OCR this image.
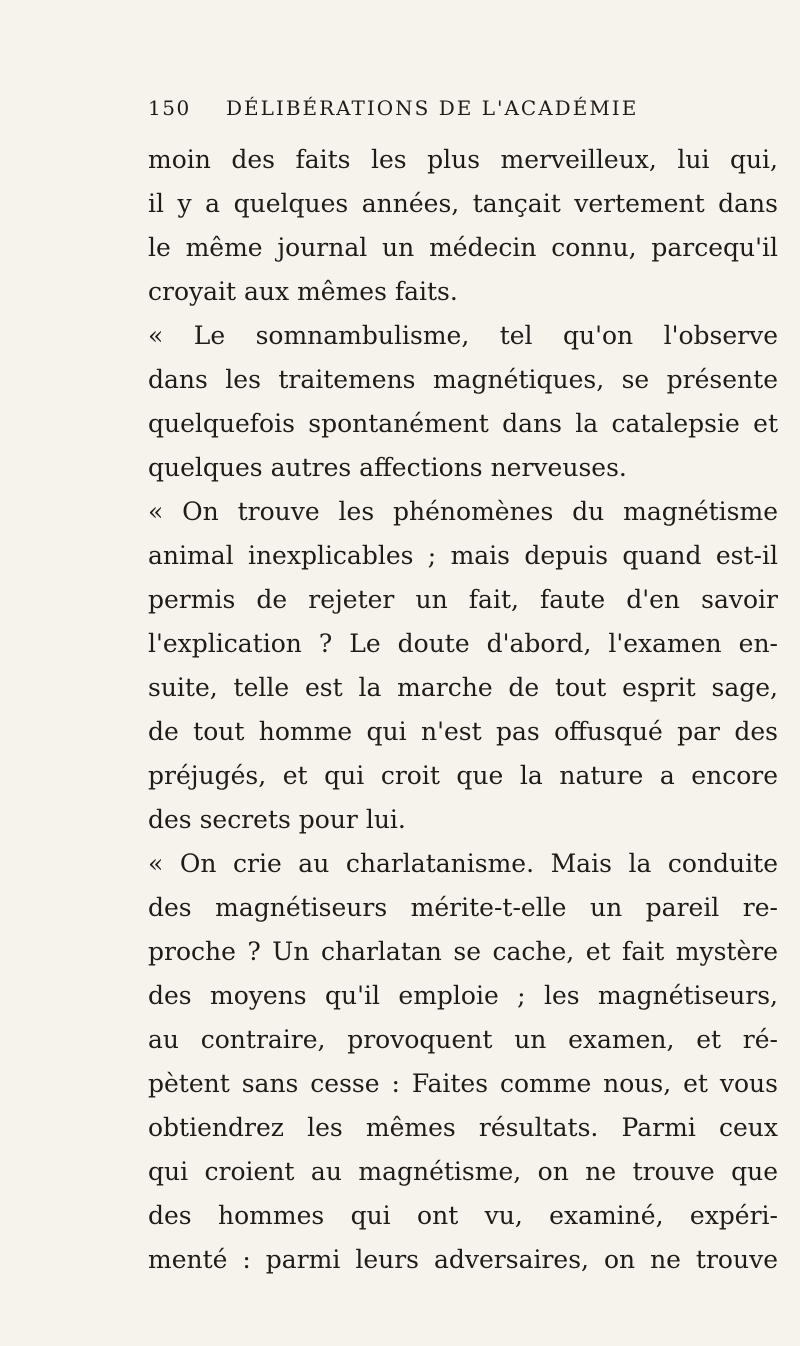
150 DÉLIBÉRATIONS DE L'ACADÉMIE
moin des faits les plus merveilleux, lui qui,
il y a quelques années, tançait vertement dans
le même journal un médecin connu, parcequ'il
croyait aux mêmes faits.
« Le somnambulisme, tel qu'on l'observe
dans les traitemens magnétiques, se présente
quelquefois spontanément dans la catalepsie et
quelques autres affections nerveuses.
« On trouve les phénomènes du magnétisme
animal inexplicables ; mais depuis quand est-il
permis de rejeter un fait, faute d'en savoir
l'explication ? Le doute d'abord, l'examen en-
suite, telle est la marche de tout esprit sage,
de tout homme qui n'est pas offusqué par des
préjugés, et qui croit que la nature a encore
des secrets pour lui.
« On crie au charlatanisme. Mais la conduite
des magnétiseurs mérite-t-elle un pareil re-
proche ? Un charlatan se cache, et fait mystère
des moyens qu'il emploie ; les magnétiseurs,
au contraire, provoquent un examen, et ré-
pètent sans cesse : Faites comme nous, et vous
obtiendrez les mêmes résultats. Parmi ceux
qui croient au magnétisme, on ne trouve que
des hommes qui ont vu, examiné, expéri-
menté : parmi leurs adversaires, on ne trouve
